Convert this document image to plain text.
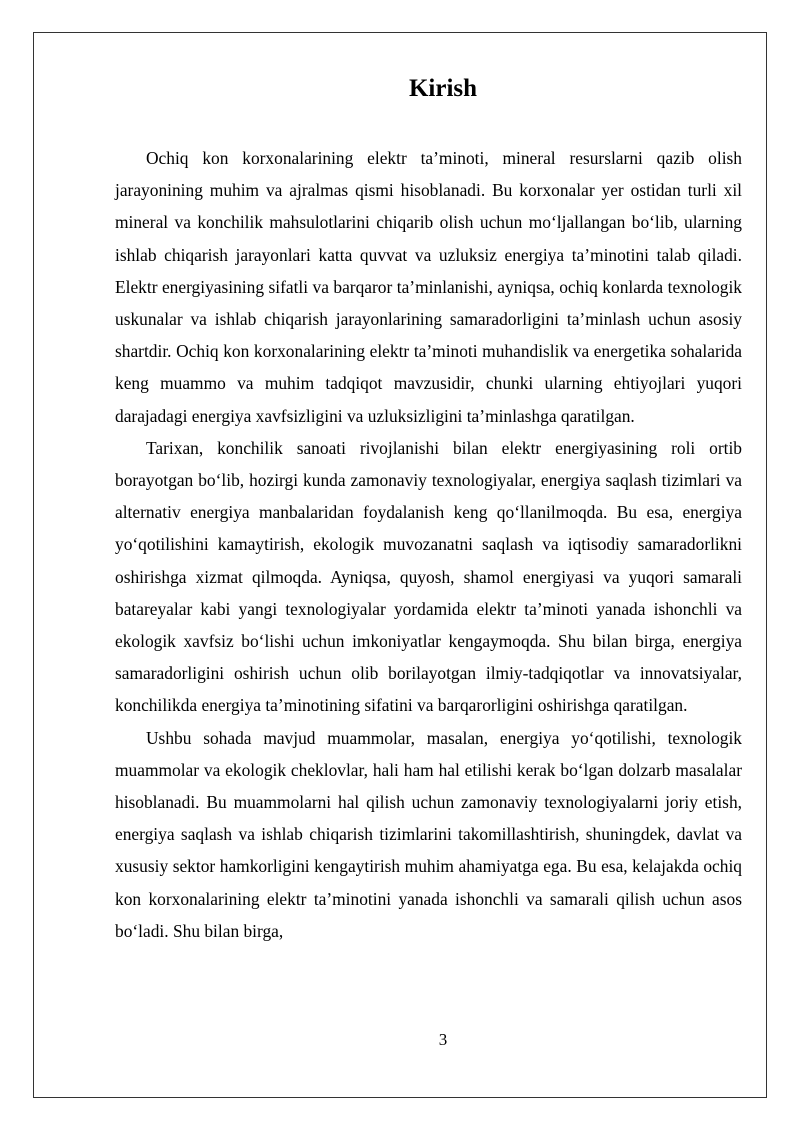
Kirish

Ochiq kon korxonalarining elektr ta’minoti, mineral resurslarni qazib olish jarayonining muhim va ajralmas qismi hisoblanadi. Bu korxonalar yer ostidan turli xil mineral va konchilik mahsulotlarini chiqarib olish uchun mo‘ljallangan bo‘lib, ularning ishlab chiqarish jarayonlari katta quvvat va uzluksiz energiya ta’minotini talab qiladi. Elektr energiyasining sifatli va barqaror ta’minlanishi, ayniqsa, ochiq konlarda texnologik uskunalar va ishlab chiqarish jarayonlarining samaradorligini ta’minlash uchun asosiy shartdir. Ochiq kon korxonalarining elektr ta’minoti muhandislik va energetika sohalarida keng muammo va muhim tadqiqot mavzusidir, chunki ularning ehtiyojlari yuqori darajadagi energiya xavfsizligini va uzluksizligini ta’minlashga qaratilgan.

Tarixan, konchilik sanoati rivojlanishi bilan elektr energiyasining roli ortib borayotgan bo‘lib, hozirgi kunda zamonaviy texnologiyalar, energiya saqlash tizimlari va alternativ energiya manbalaridan foydalanish keng qo‘llanilmoqda. Bu esa, energiya yo‘qotilishini kamaytirish, ekologik muvozanatni saqlash va iqtisodiy samaradorlikni oshirishga xizmat qilmoqda. Ayniqsa, quyosh, shamol energiyasi va yuqori samarali batareyalar kabi yangi texnologiyalar yordamida elektr ta’minoti yanada ishonchli va ekologik xavfsiz bo‘lishi uchun imkoniyatlar kengaymoqda. Shu bilan birga, energiya samaradorligini oshirish uchun olib borilayotgan ilmiy-tadqiqotlar va innovatsiyalar, konchilikda energiya ta’minotining sifatini va barqarorligini oshirishga qaratilgan.

Ushbu sohada mavjud muammolar, masalan, energiya yo‘qotilishi, texnologik muammolar va ekologik cheklovlar, hali ham hal etilishi kerak bo‘lgan dolzarb masalalar hisoblanadi. Bu muammolarni hal qilish uchun zamonaviy texnologiyalarni joriy etish, energiya saqlash va ishlab chiqarish tizimlarini takomillashtirish, shuningdek, davlat va xususiy sektor hamkorligini kengaytirish muhim ahamiyatga ega. Bu esa, kelajakda ochiq kon korxonalarining elektr ta’minotini yanada ishonchli va samarali qilish uchun asos bo‘ladi. Shu bilan birga,

3
